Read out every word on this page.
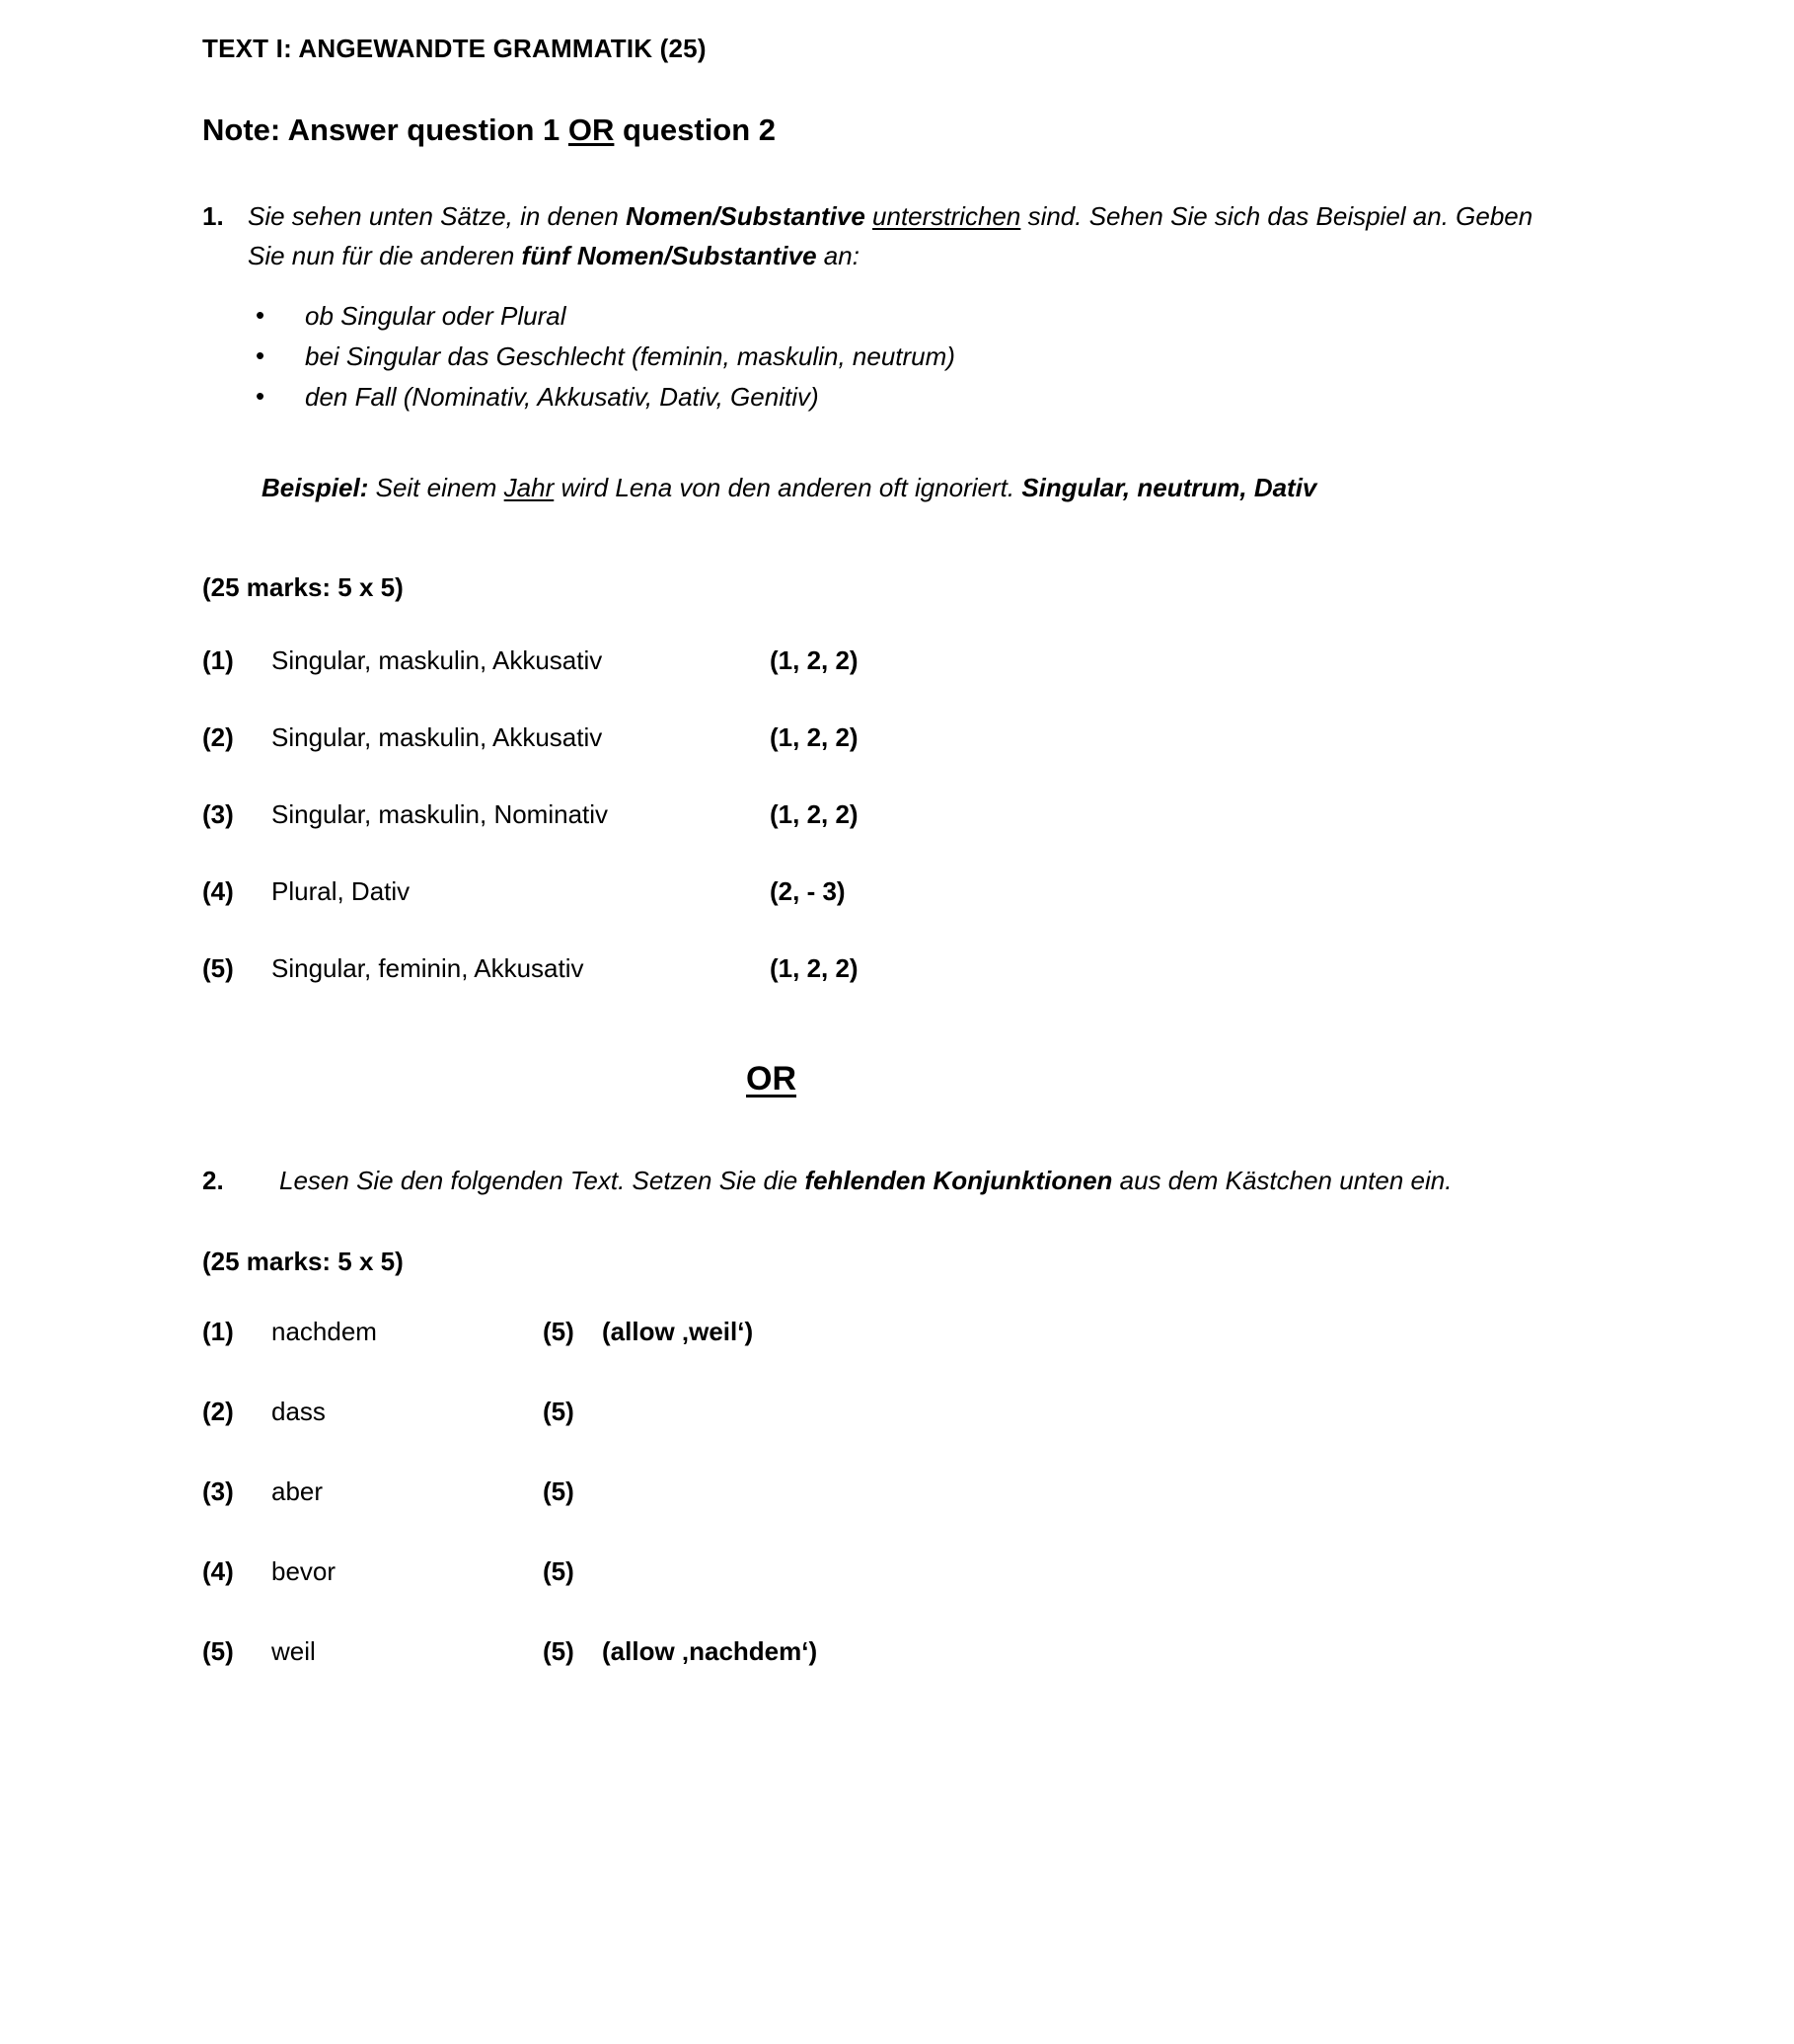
TEXT I: ANGEWANDTE GRAMMATIK (25)
Note: Answer question 1 OR question 2
1. Sie sehen unten Sätze, in denen Nomen/Substantive unterstrichen sind. Sehen Sie sich das Beispiel an. Geben Sie nun für die anderen fünf Nomen/Substantive an:
• ob Singular oder Plural
• bei Singular das Geschlecht (feminin, maskulin, neutrum)
• den Fall (Nominativ, Akkusativ, Dativ, Genitiv)
Beispiel: Seit einem Jahr wird Lena von den anderen oft ignoriert. Singular, neutrum, Dativ
(25 marks: 5 x 5)
(1)	Singular, maskulin, Akkusativ	(1, 2, 2)
(2)	Singular, maskulin, Akkusativ	(1, 2, 2)
(3)	Singular, maskulin, Nominativ	(1, 2, 2)
(4)	Plural, Dativ	(2, - 3)
(5)	Singular, feminin, Akkusativ	(1, 2, 2)
OR
2.	Lesen Sie den folgenden Text. Setzen Sie die fehlenden Konjunktionen aus dem Kästchen unten ein.
(25 marks: 5 x 5)
(1)	nachdem	(5)	(allow ‚weil‘)
(2)	dass	(5)
(3)	aber	(5)
(4)	bevor	(5)
(5)	weil	(5)	(allow ‚nachdem‘)
